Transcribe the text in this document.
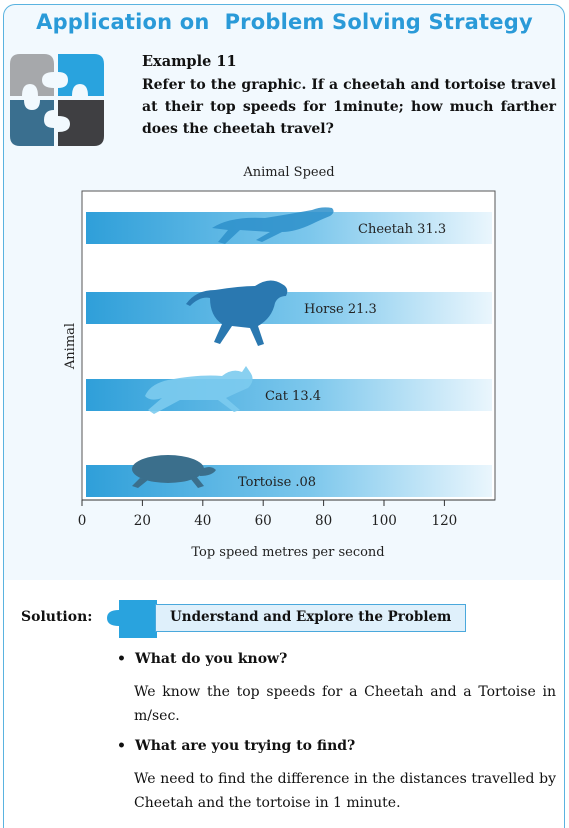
Application on  Problem Solving Strategy
Example 11
Refer to the graphic. If a cheetah and tortoise travel at their top speeds for 1minute; how much farther does the cheetah travel?
Animal Speed
Cheetah 31.3
Horse 21.3
Cat 13.4
Tortoise .08
0	20	40	60	80	100	120
Top speed metres per second
Animal
Solution:	Understand and Explore the Problem
• What do you know?
We know the top speeds for a Cheetah and a Tortoise in m/sec.
• What are you trying to find?
We need to find the difference in the distances travelled by Cheetah and the tortoise in 1 minute.
